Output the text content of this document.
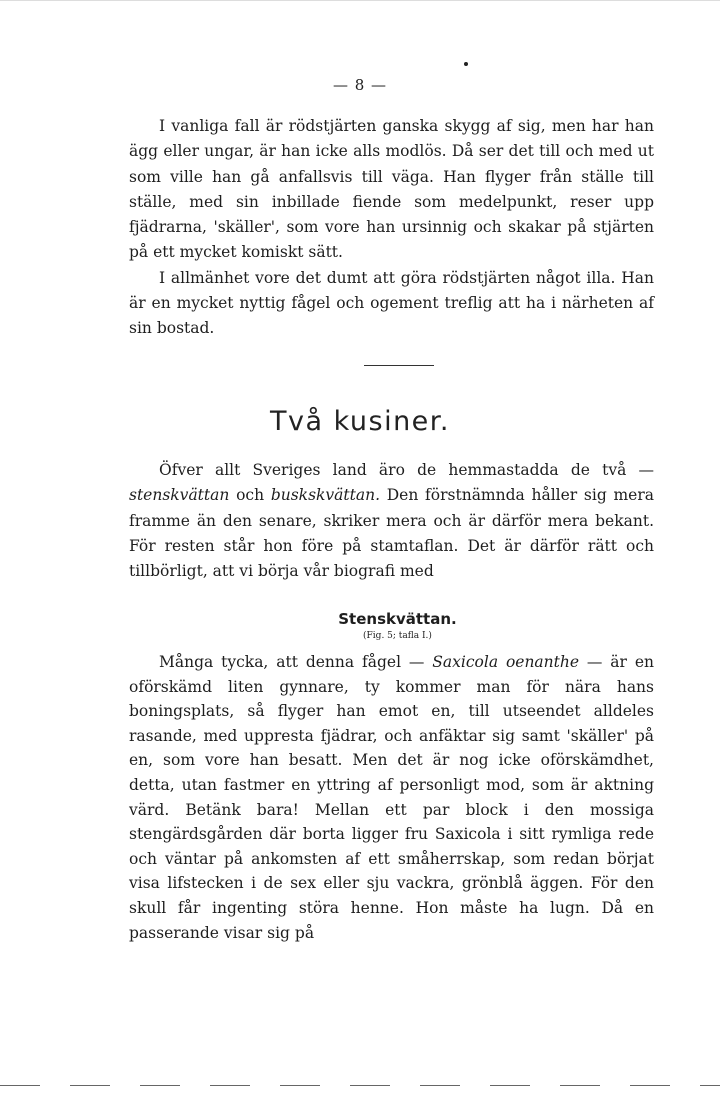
— 8 —

I vanliga fall är rödstjärten ganska skygg af sig, men har han ägg eller ungar, är han icke alls modlös. Då ser det till och med ut som ville han gå anfallsvis till väga. Han flyger från ställe till ställe, med sin inbillade fiende som medelpunkt, reser upp fjädrarna, 'skäller', som vore han ursinnig och skakar på stjärten på ett mycket komiskt sätt.

I allmänhet vore det dumt att göra rödstjärten något illa. Han är en mycket nyttig fågel och ogement treflig att ha i närheten af sin bostad.

Två kusiner.

Öfver allt Sveriges land äro de hemmastadda de två — stenskvättan och buskskvättan. Den förstnämnda håller sig mera framme än den senare, skriker mera och är därför mera bekant. För resten står hon före på stamtaflan. Det är därför rätt och tillbörligt, att vi börja vår biografi med

Stenskvättan.
(Fig. 5; tafla I.)

Många tycka, att denna fågel — Saxicola oenanthe — är en oförskämd liten gynnare, ty kommer man för nära hans boningsplats, så flyger han emot en, till utseendet alldeles rasande, med uppresta fjädrar, och anfäktar sig samt 'skäller' på en, som vore han besatt. Men det är nog icke oförskämdhet, detta, utan fastmer en yttring af personligt mod, som är aktning värd. Betänk bara! Mellan ett par block i den mossiga stengärdsgården där borta ligger fru Saxicola i sitt rymliga rede och väntar på ankomsten af ett småherrskap, som redan börjat visa lifstecken i de sex eller sju vackra, grönblå äggen. För den skull får ingenting störa henne. Hon måste ha lugn. Då en passerande visar sig på
